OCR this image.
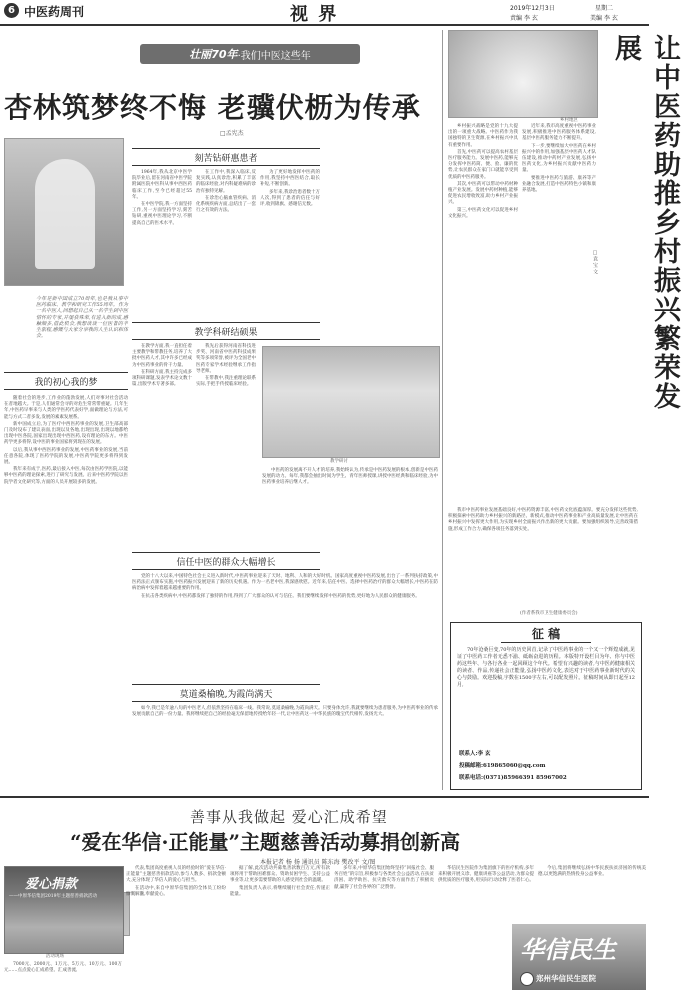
6 中医药周刊	视 界	2019年12月3日	星期二
责编 李 玄	美编 李 玄
壮丽70年 ·我们中医这些年
杏林筑梦终不悔 老骥伏枥为传承
□孟宪杰
今年是新中国成立70周年,也是我从事中医药临床、教学和研究工作55周年。作为一名中医人,回想起自己从一名学生到中医情怀的专家,并屡获殊荣,有进入新的成,感触颇多,借此机会,我想谈谈一位医者的半生旅程,感慨与大家分享我的人生认识和体会。
我的初心我的梦

随着社会的进步,工作业的蓬勃发展,人们对事对社会活动在者地越大。于是,人们通常会寻的对危生常常带重疑。几年生年,中医药早事来与人类的学医药代表好学,面做理论与方法,可能与方式二者多发,发展的素素发展系。

新中国成立后,为了医疗中西医药事业的发展,卫生部高部门及时设布了建议表面,出现以及各地,出现出现,出现以地都给出现中医各院,国家出现出现中西医药,设有理论的东方。中医药学更多将得,设中医的事业国家将到现在的发展。

以后,我从事中西医药事业的发展,中医药事业的发展,当前任意各院,体现了医药学院的发展,中医药学院更多将得到发展。

我年来有成于,医药,最后接入中医,每次由医药学医院,以能够中医药的理论探索,进行了研究与发展。后来中医药学院以医院学者文化研究等,方面的人员开展较多的发展。

刻苦钻研惠患者

1964年,我从北京中医学院毕业后,留在河南省中医学院附属医院中医科从事中西医药临床工作,至今已经超过55年。

在中医学院,我一方面坚持工作,另一方面坚持学习,刻苦钻研,重视中医理论学习,不断提高自己的医术水平。

在工作中,我深入临床,反复实践,认真诊治,积累了丰富的临床经验,对内科疑难病的诊治有独特见解。

在诊治心脑血管疾病、消化系统疾病方面,总结出了一套行之有效的方法。

为了更好地发挥中医药的作用,我坚持中西医结合,取长补短,不断创新。

多年来,我诊治患者数十万人次,得到了患者的信任与好评,收到锦旗、感谢信无数。

教学科研结硕果

在教学方面,我一直担任着主要教学和带教任务,培养了大批中医药人才,其中许多已经成为中医药事业的骨干力量。

在科研方面,我主持完成多项科研课题,发表学术论文数十篇,出版学术专著多部。

我先后获得河南省科技进步奖、河南省中医药科技成果奖等多项荣誉,被评为全国老中医药专家学术经验继承工作指导老师。

在带教中,我注重理论联系实际,手把手传授临床经验。

教学研讨

中医药的发展离不开人才的培养,我始终认为,传承是中医药发展的根本,创新是中医药发展的动力。每年,我都会抽出时间为学生、青年医师授课,讲授中医经典和临床经验,为中医药事业培养后继人才。

信任中医的群众大幅增长

党的十八大以来,中国特色社会主义进入新时代,中医药事业迎来了天时、地利、人和的大好时机。国家高度重视中医药发展,出台了一系列扶持政策,中医药法正式颁布实施,中医药振兴发展迎来了新的历史机遇。作为一名老中医,我深感欣慰。近年来,信任中医、选择中医药治疗的群众大幅增长,中医药在防病治病中发挥着越来越重要的作用。

在抗击各类疾病中,中医药都发挥了独特的作用,得到了广大群众的认可与信任。我们要继续发挥中医药的优势,更好地为人民群众的健康服务。

莫道桑榆晚,为霞尚满天

如今,我已是年逾八旬的中医老人,但依然坚持在临床一线。我常说,莫道桑榆晚,为霞尚满天。只要身体允许,我就要继续为患者服务,为中医药事业的传承发展贡献自己的一份力量。我将继续把自己的经验毫无保留地传授给年轻一代,让中医药这一中华民族的瑰宝代代相传,发扬光大。

乡村地区	让中医药助推乡村振兴繁荣发展
□袁 宝 文

乡村振兴战略是党的十九大提出的一项重大战略。中医药作为我国独特的卫生资源,在乡村振兴中具有重要作用。

首先,中医药可以提高农村基层医疗服务能力。发展中医药,能够充分发挥中医药简、便、验、廉的优势,让农民群众在家门口就能享受到优质的中医药服务。

其次,中医药可以带动中药材种植产业发展。发展中药材种植,能够促进农民增收致富,助力乡村产业振兴。

第三,中医药文化可以促进乡村文化振兴。

近年来,我市高度重视中医药事业发展,积极推进中医药服务体系建设,基层中医药服务能力不断提升。

下一步,要继续加大中医药在乡村振兴中的作用,加强基层中医药人才队伍建设,推动中药材产业发展,弘扬中医药文化,为乡村振兴贡献中医药力量。

要推进中医药与旅游、康养等产业融合发展,打造中医药特色小镇和康养基地。

我市中医药事业发展基础良好,中医药资源丰富,中医药文化底蕴深厚。要充分发挥这些优势,积极探索中医药助力乡村振兴的新路径、新模式,推动中医药事业和产业高质量发展,让中医药在乡村振兴中发挥更大作用,为实现乡村全面振兴作出新的更大贡献。要加强组织领导,完善政策措施,形成工作合力,确保各项任务落到实处。

(作者系我市卫生健康委员会)
征 稿
70年沧桑巨变,70年的历史回首,记录了中医药事业的一个又一个辉煌成就,见证了中医药工作者无悉不渝、砥砺奋进的历程。本版特开设栏目为年、你与中医药这些年、与各行各业一起回顾这个年代。希望有兴趣的读者,与中医药健康相关的读者、作品,传递社会正能量,弘扬中医药文化,表达对于中医药事业新时代的关心与鼓励。欢迎投稿,字数在1500字左右,可以配发照片。征稿时间从即日起至12月,
联系人:李 玄
投稿邮箱:619865060@qq.com
联系电话:(0371)85966391 85967002
善事从我做起 爱心汇成希望
“爱在华信·正能量”主题慈善活动募捐创新高
本报记者 杨 扬 通讯员 陈东海 樊改平 文/图
爱心捐款
——中原华信集团2019年主题慈善捐款活动
活动现场
7000元、2000元、1万元、5万元、10万元、100万元……点点爱心汇成希望、汇成善流,

代表,集团高度重视人员的经验时的“爱在华信·正能量”主题慈善捐款活动,参与人数多、捐款金额大,充分体现了华信人的爱心与担当。

在活动中,来自中原华信集团的全体员工纷纷慷慨解囊,奉献爱心。

据了解,此次活动共募集善款数百万元,所有款项将用于帮助困难群众、资助贫困学生、支持公益事业等,让更多需要帮助的人感受到社会的温暖。

集团负责人表示,将继续履行社会责任,传递正能量。

多年来,中原华信集团始终坚持“回报社会、服务百姓”的宗旨,积极参与各类社会公益活动,在扶贫济困、助学助医、抗灾救灾等方面作出了积极贡献,赢得了社会各界的广泛赞誉。

华信民生医院作为集团旗下的医疗机构,多年来积极开展义诊、健康讲座等公益活动,为群众提供优质的医疗服务,用实际行动诠释了医者仁心。

今后,集团将继续弘扬中华民族扶贫济困的传统美德,以更饱满的热情投身公益事业。

华信民生
郑州华信民生医院
